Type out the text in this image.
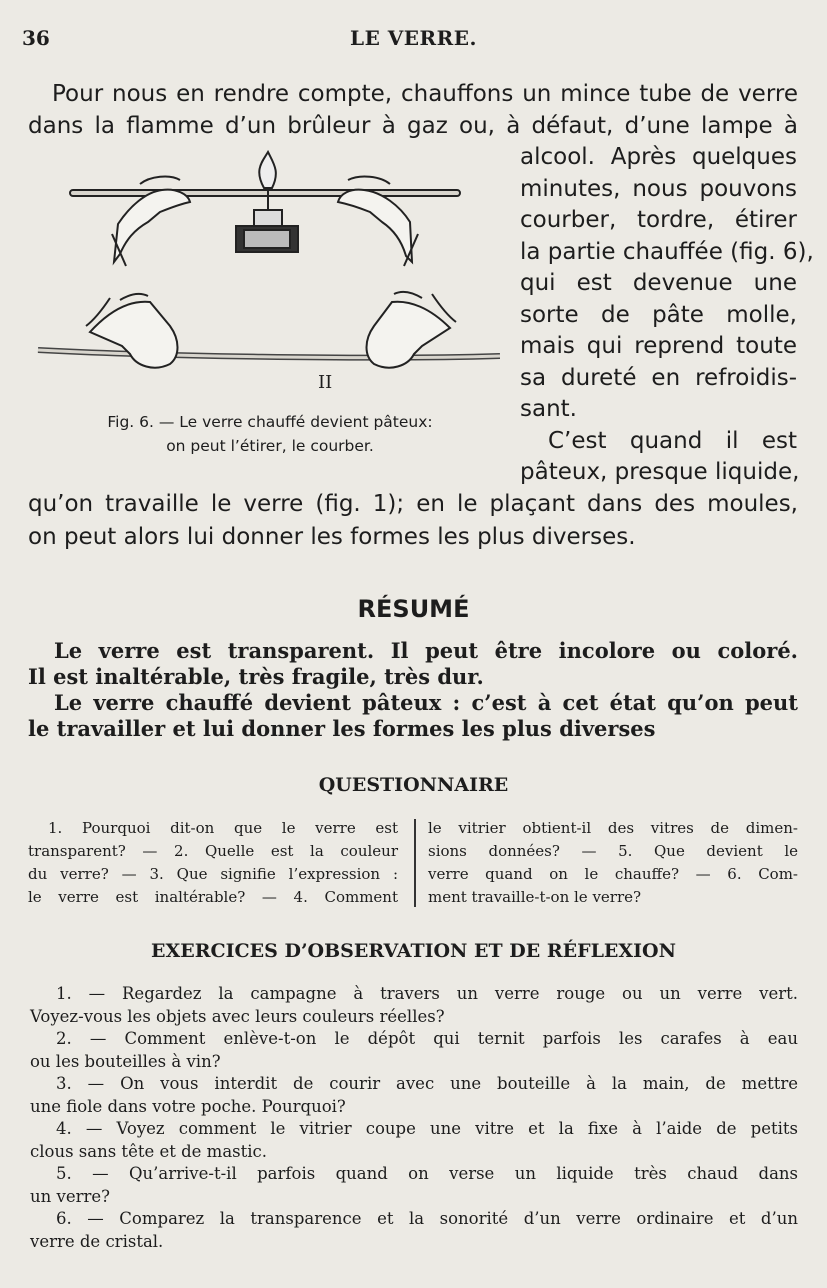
36	LE VERRE.
Pour nous en rendre compte, chauffons un mince tube de verre
dans la flamme d’un brûleur à gaz ou, à défaut, d’une lampe à
alcool. Après quelques
minutes, nous pouvons
courber, tordre, étirer
la partie chauffée (fig. 6),
qui est devenue une
sorte de pâte molle,
mais qui reprend toute
sa dureté en refroidis-
sant.
C’est quand il est
pâteux, presque liquide,
II
Fig. 6. — Le verre chauffé devient pâteux:
on peut l’étirer, le courber.
qu’on travaille le verre (fig. 1); en le plaçant dans des moules,
on peut alors lui donner les formes les plus diverses.
RÉSUMÉ
Le verre est transparent. Il peut être incolore ou coloré.
Il est inaltérable, très fragile, très dur.
Le verre chauffé devient pâteux : c’est à cet état qu’on peut
le travailler et lui donner les formes les plus diverses
QUESTIONNAIRE
1. Pourquoi dit-on que le verre est
transparent? — 2. Quelle est la couleur
du verre? — 3. Que signifie l’expression :
le verre est inaltérable? — 4. Comment
le vitrier obtient-il des vitres de dimen-
sions données? — 5. Que devient le
verre quand on le chauffe? — 6. Com-
ment travaille-t-on le verre?
EXERCICES D’OBSERVATION ET DE RÉFLEXION
1. — Regardez la campagne à travers un verre rouge ou un verre vert.
Voyez-vous les objets avec leurs couleurs réelles?
2. — Comment enlève-t-on le dépôt qui ternit parfois les carafes à eau
ou les bouteilles à vin?
3. — On vous interdit de courir avec une bouteille à la main, de mettre
une fiole dans votre poche. Pourquoi?
4. — Voyez comment le vitrier coupe une vitre et la fixe à l’aide de petits
clous sans tête et de mastic.
5. — Qu’arrive-t-il parfois quand on verse un liquide très chaud dans
un verre?
6. — Comparez la transparence et la sonorité d’un verre ordinaire et d’un
verre de cristal.
